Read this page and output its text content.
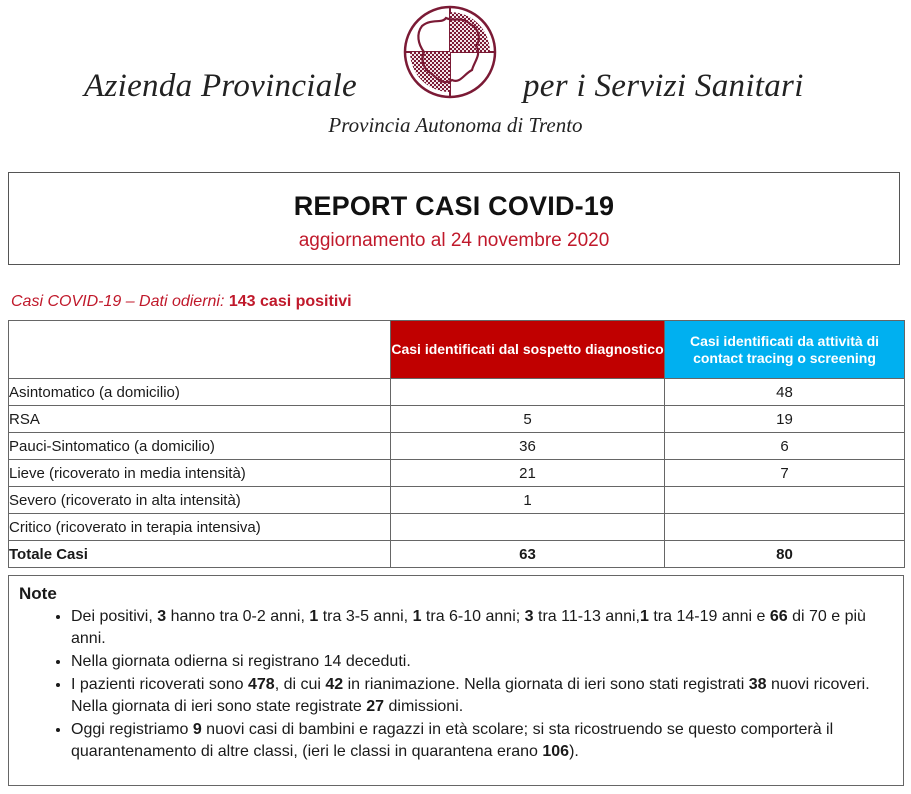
Azienda Provinciale	per i Servizi Sanitari
Provincia Autonoma di Trento
REPORT CASI COVID-19
aggiornamento al 24 novembre 2020
Casi COVID-19 – Dati odierni: 143 casi positivi
	Casi identificati dal sospetto diagnostico	Casi identificati da attività di contact tracing o screening
Asintomatico (a domicilio)		48
RSA	5	19
Pauci-Sintomatico (a domicilio)	36	6
Lieve (ricoverato in media intensità)	21	7
Severo (ricoverato in alta intensità)	1	
Critico (ricoverato in terapia intensiva)		
Totale Casi	63	80
Note
• Dei positivi, 3 hanno tra 0-2 anni, 1 tra 3-5 anni, 1 tra 6-10 anni; 3 tra 11-13 anni,1 tra 14-19 anni e 66 di 70 e più anni.
• Nella giornata odierna si registrano 14 deceduti.
• I pazienti ricoverati sono 478, di cui 42 in rianimazione. Nella giornata di ieri sono stati registrati 38 nuovi ricoveri. Nella giornata di ieri sono state registrate 27 dimissioni.
• Oggi registriamo 9 nuovi casi di bambini e ragazzi in età scolare; si sta ricostruendo se questo comporterà il quarantenamento di altre classi, (ieri le classi in quarantena erano 106).
